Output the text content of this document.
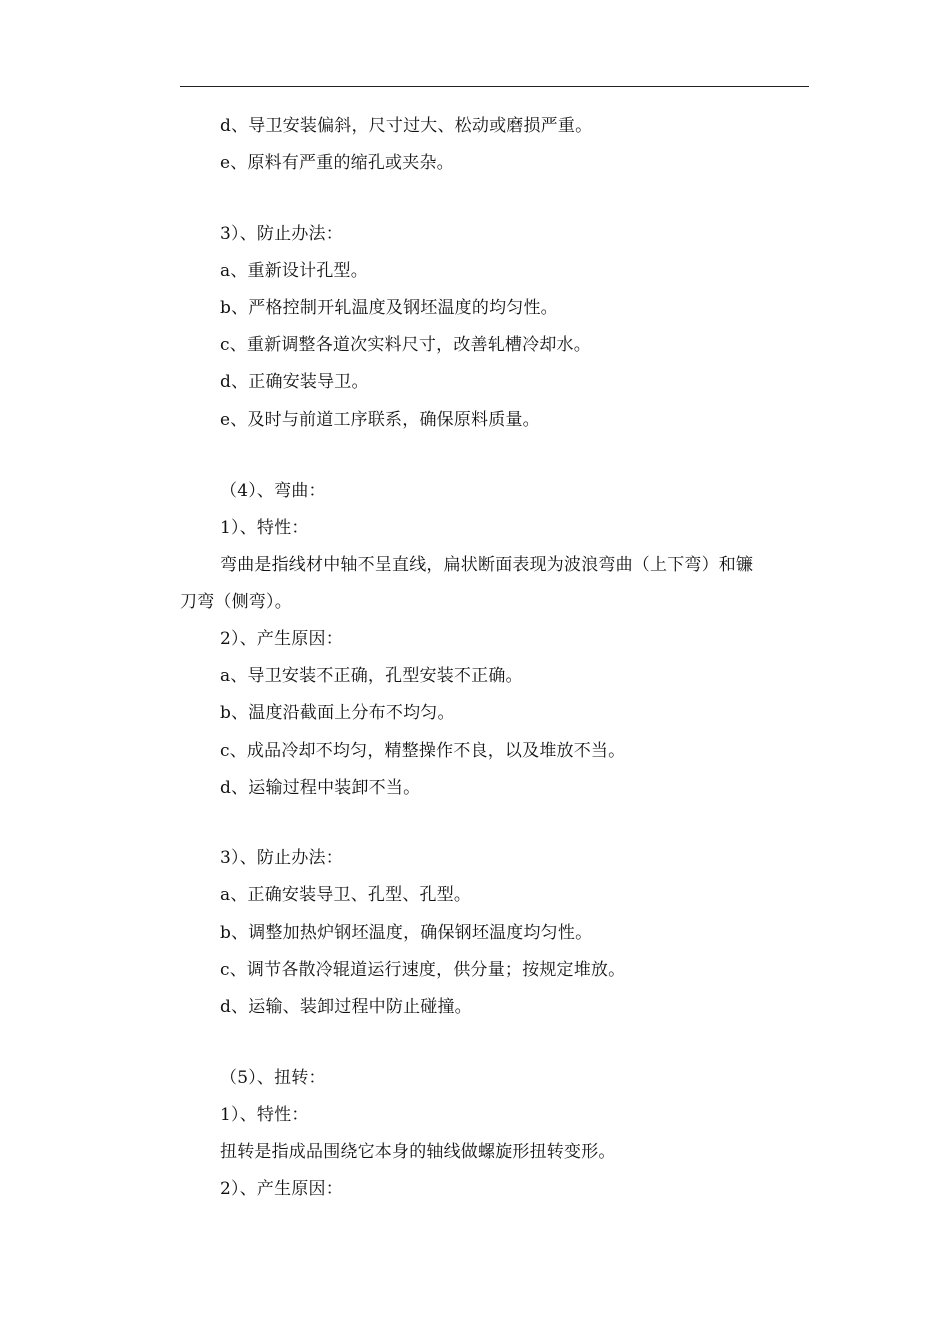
d、导卫安装偏斜，尺寸过大、松动或磨损严重。
e、原料有严重的缩孔或夹杂。
3）、防止办法：
a、重新设计孔型。
b、严格控制开轧温度及钢坯温度的均匀性。
c、重新调整各道次实料尺寸，改善轧槽冷却水。
d、正确安装导卫。
e、及时与前道工序联系，确保原料质量。
（4）、弯曲：
1）、特性：
弯曲是指线材中轴不呈直线，扁状断面表现为波浪弯曲（上下弯）和镰
刀弯（侧弯）。
2）、产生原因：
a、导卫安装不正确，孔型安装不正确。
b、温度沿截面上分布不均匀。
c、成品冷却不均匀，精整操作不良，以及堆放不当。
d、运输过程中装卸不当。
3）、防止办法：
a、正确安装导卫、孔型、孔型。
b、调整加热炉钢坯温度，确保钢坯温度均匀性。
c、调节各散冷辊道运行速度，供分量；按规定堆放。
d、运输、装卸过程中防止碰撞。
（5）、扭转：
1）、特性：
扭转是指成品围绕它本身的轴线做螺旋形扭转变形。
2）、产生原因：
